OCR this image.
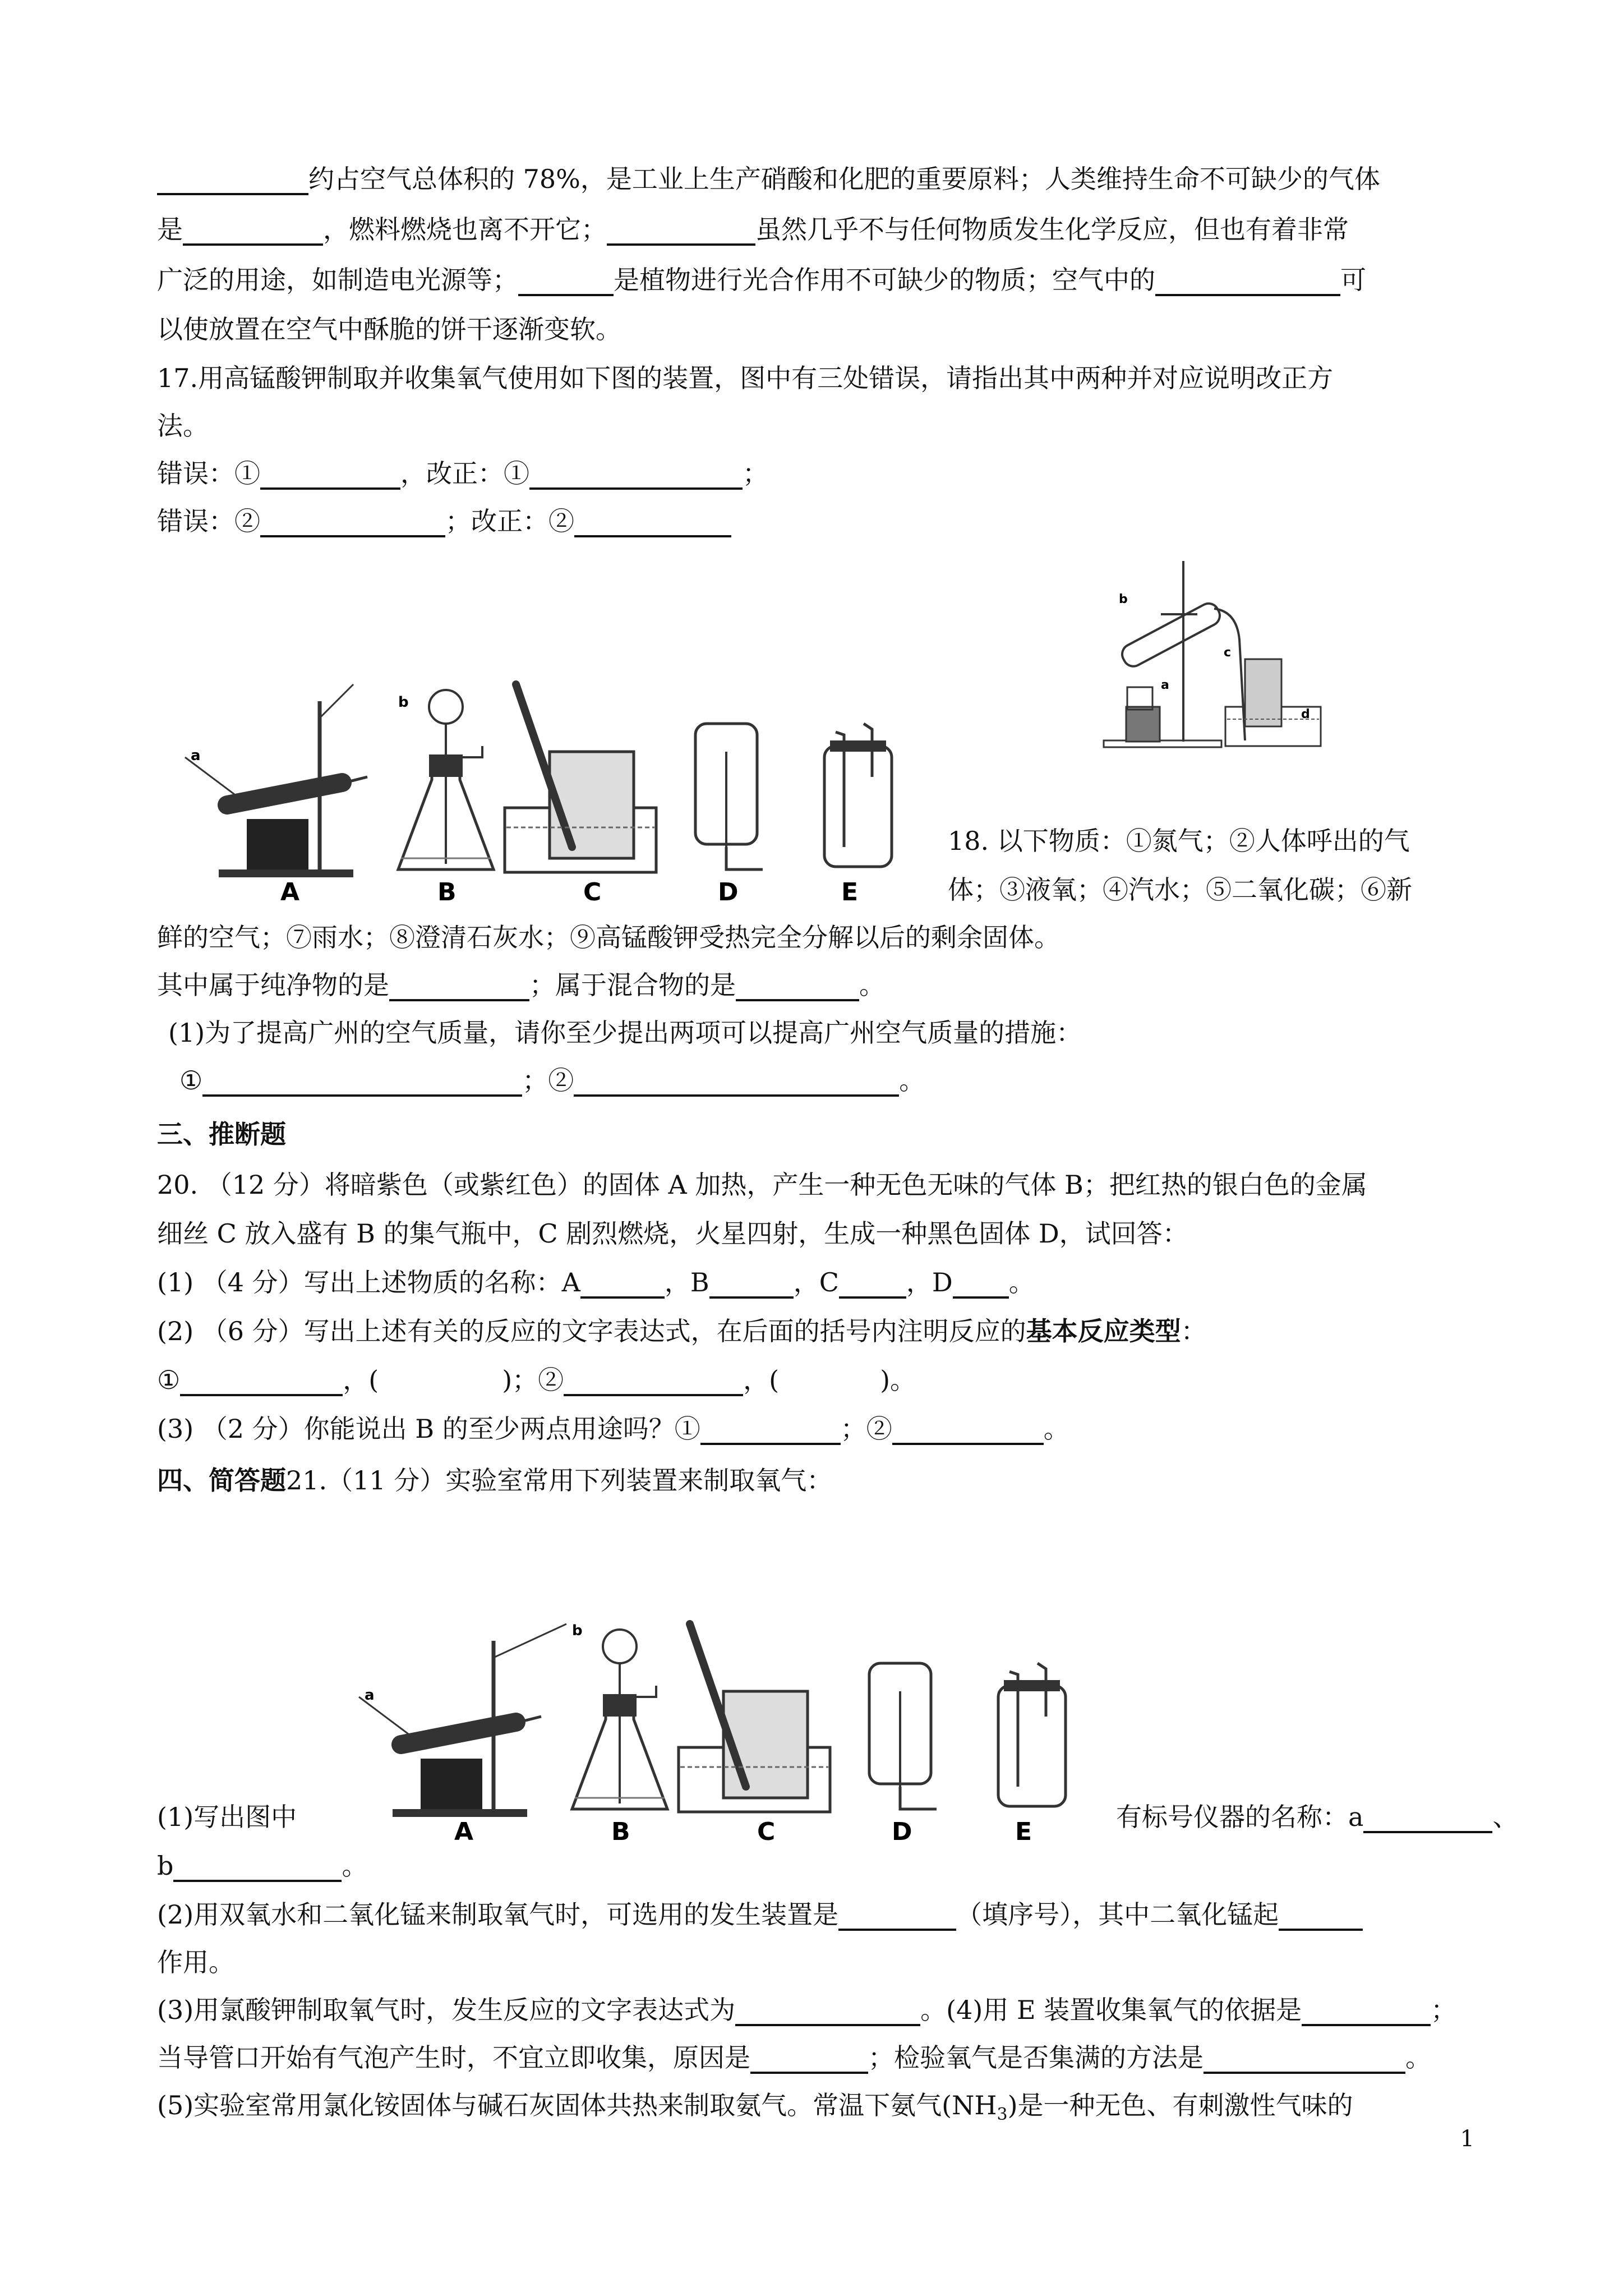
约占空气总体积的 78%，是工业上生产硝酸和化肥的重要原料；人类维持生命不可缺少的气体
是	，燃料燃烧也离不开它；	虽然几乎不与任何物质发生化学反应，但也有着非常
广泛的用途，如制造电光源等；	是植物进行光合作用不可缺少的物质；空气中的	可
以使放置在空气中酥脆的饼干逐渐变软。
17.用高锰酸钾制取并收集氧气使用如下图的装置，图中有三处错误，请指出其中两种并对应说明改正方
法。
错误：①	，改正：①	；
错误：②	；改正：②
b
c
a
d
a
b
A	B	C	D	E
18. 以下物质：①氮气；②人体呼出的气
体；③液氧；④汽水；⑤二氧化碳；⑥新
鲜的空气；⑦雨水；⑧澄清石灰水；⑨高锰酸钾受热完全分解以后的剩余固体。
其中属于纯净物的是	；属于混合物的是	。
(1)为了提高广州的空气质量，请你至少提出两项可以提高广州空气质量的措施：
①	；②	。
三、推断题
20. （12 分）将暗紫色（或紫红色）的固体 A 加热，产生一种无色无味的气体 B；把红热的银白色的金属
细丝 C 放入盛有 B 的集气瓶中，C 剧烈燃烧，火星四射，生成一种黑色固体 D，试回答：
(1) （4 分）写出上述物质的名称：A	，B	，C	，D 。
(2) （6 分）写出上述有关的反应的文字表达式，在后面的括号内注明反应的基本反应类型：
①	，(	)；②	，(	)。
(3) （2 分）你能说出 B 的至少两点用途吗？①	；②	。
四、简答题21.（11 分）实验室常用下列装置来制取氧气：
a
b
A	B	C	D	E
(1)写出图中	有标号仪器的名称：a	、
b	。
(2)用双氧水和二氧化锰来制取氧气时，可选用的发生装置是	（填序号），其中二氧化锰起
作用。
(3)用氯酸钾制取氧气时，发生反应的文字表达式为	。(4)用 E 装置收集氧气的依据是	；
当导管口开始有气泡产生时，不宜立即收集，原因是	；检验氧气是否集满的方法是	。
(5)实验室常用氯化铵固体与碱石灰固体共热来制取氨气。常温下氨气$(NH_3)$是一种无色、有刺激性气味的
1
